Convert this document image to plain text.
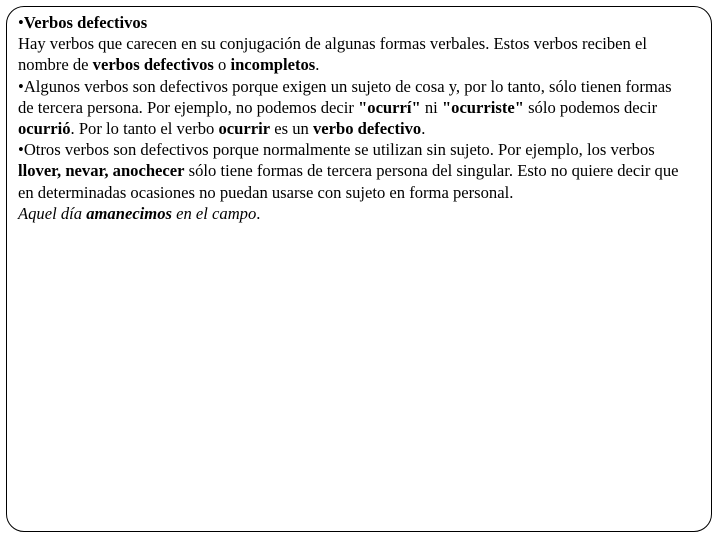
•Verbos defectivos

Hay verbos que carecen en su conjugación de algunas formas verbales. Estos verbos reciben el nombre de verbos defectivos o incompletos.

•Algunos verbos son defectivos porque exigen un sujeto de cosa y, por lo tanto, sólo tienen formas de tercera persona. Por ejemplo, no podemos decir "ocurrí" ni "ocurriste" sólo podemos decir ocurrió. Por lo tanto el verbo ocurrir es un verbo defectivo.

•Otros verbos son defectivos porque normalmente se utilizan sin sujeto. Por ejemplo, los verbos llover, nevar, anochecer sólo tiene formas de tercera persona del singular. Esto no quiere decir que en determinadas ocasiones no puedan usarse con sujeto en forma personal.

Aquel día amanecimos en el campo.
